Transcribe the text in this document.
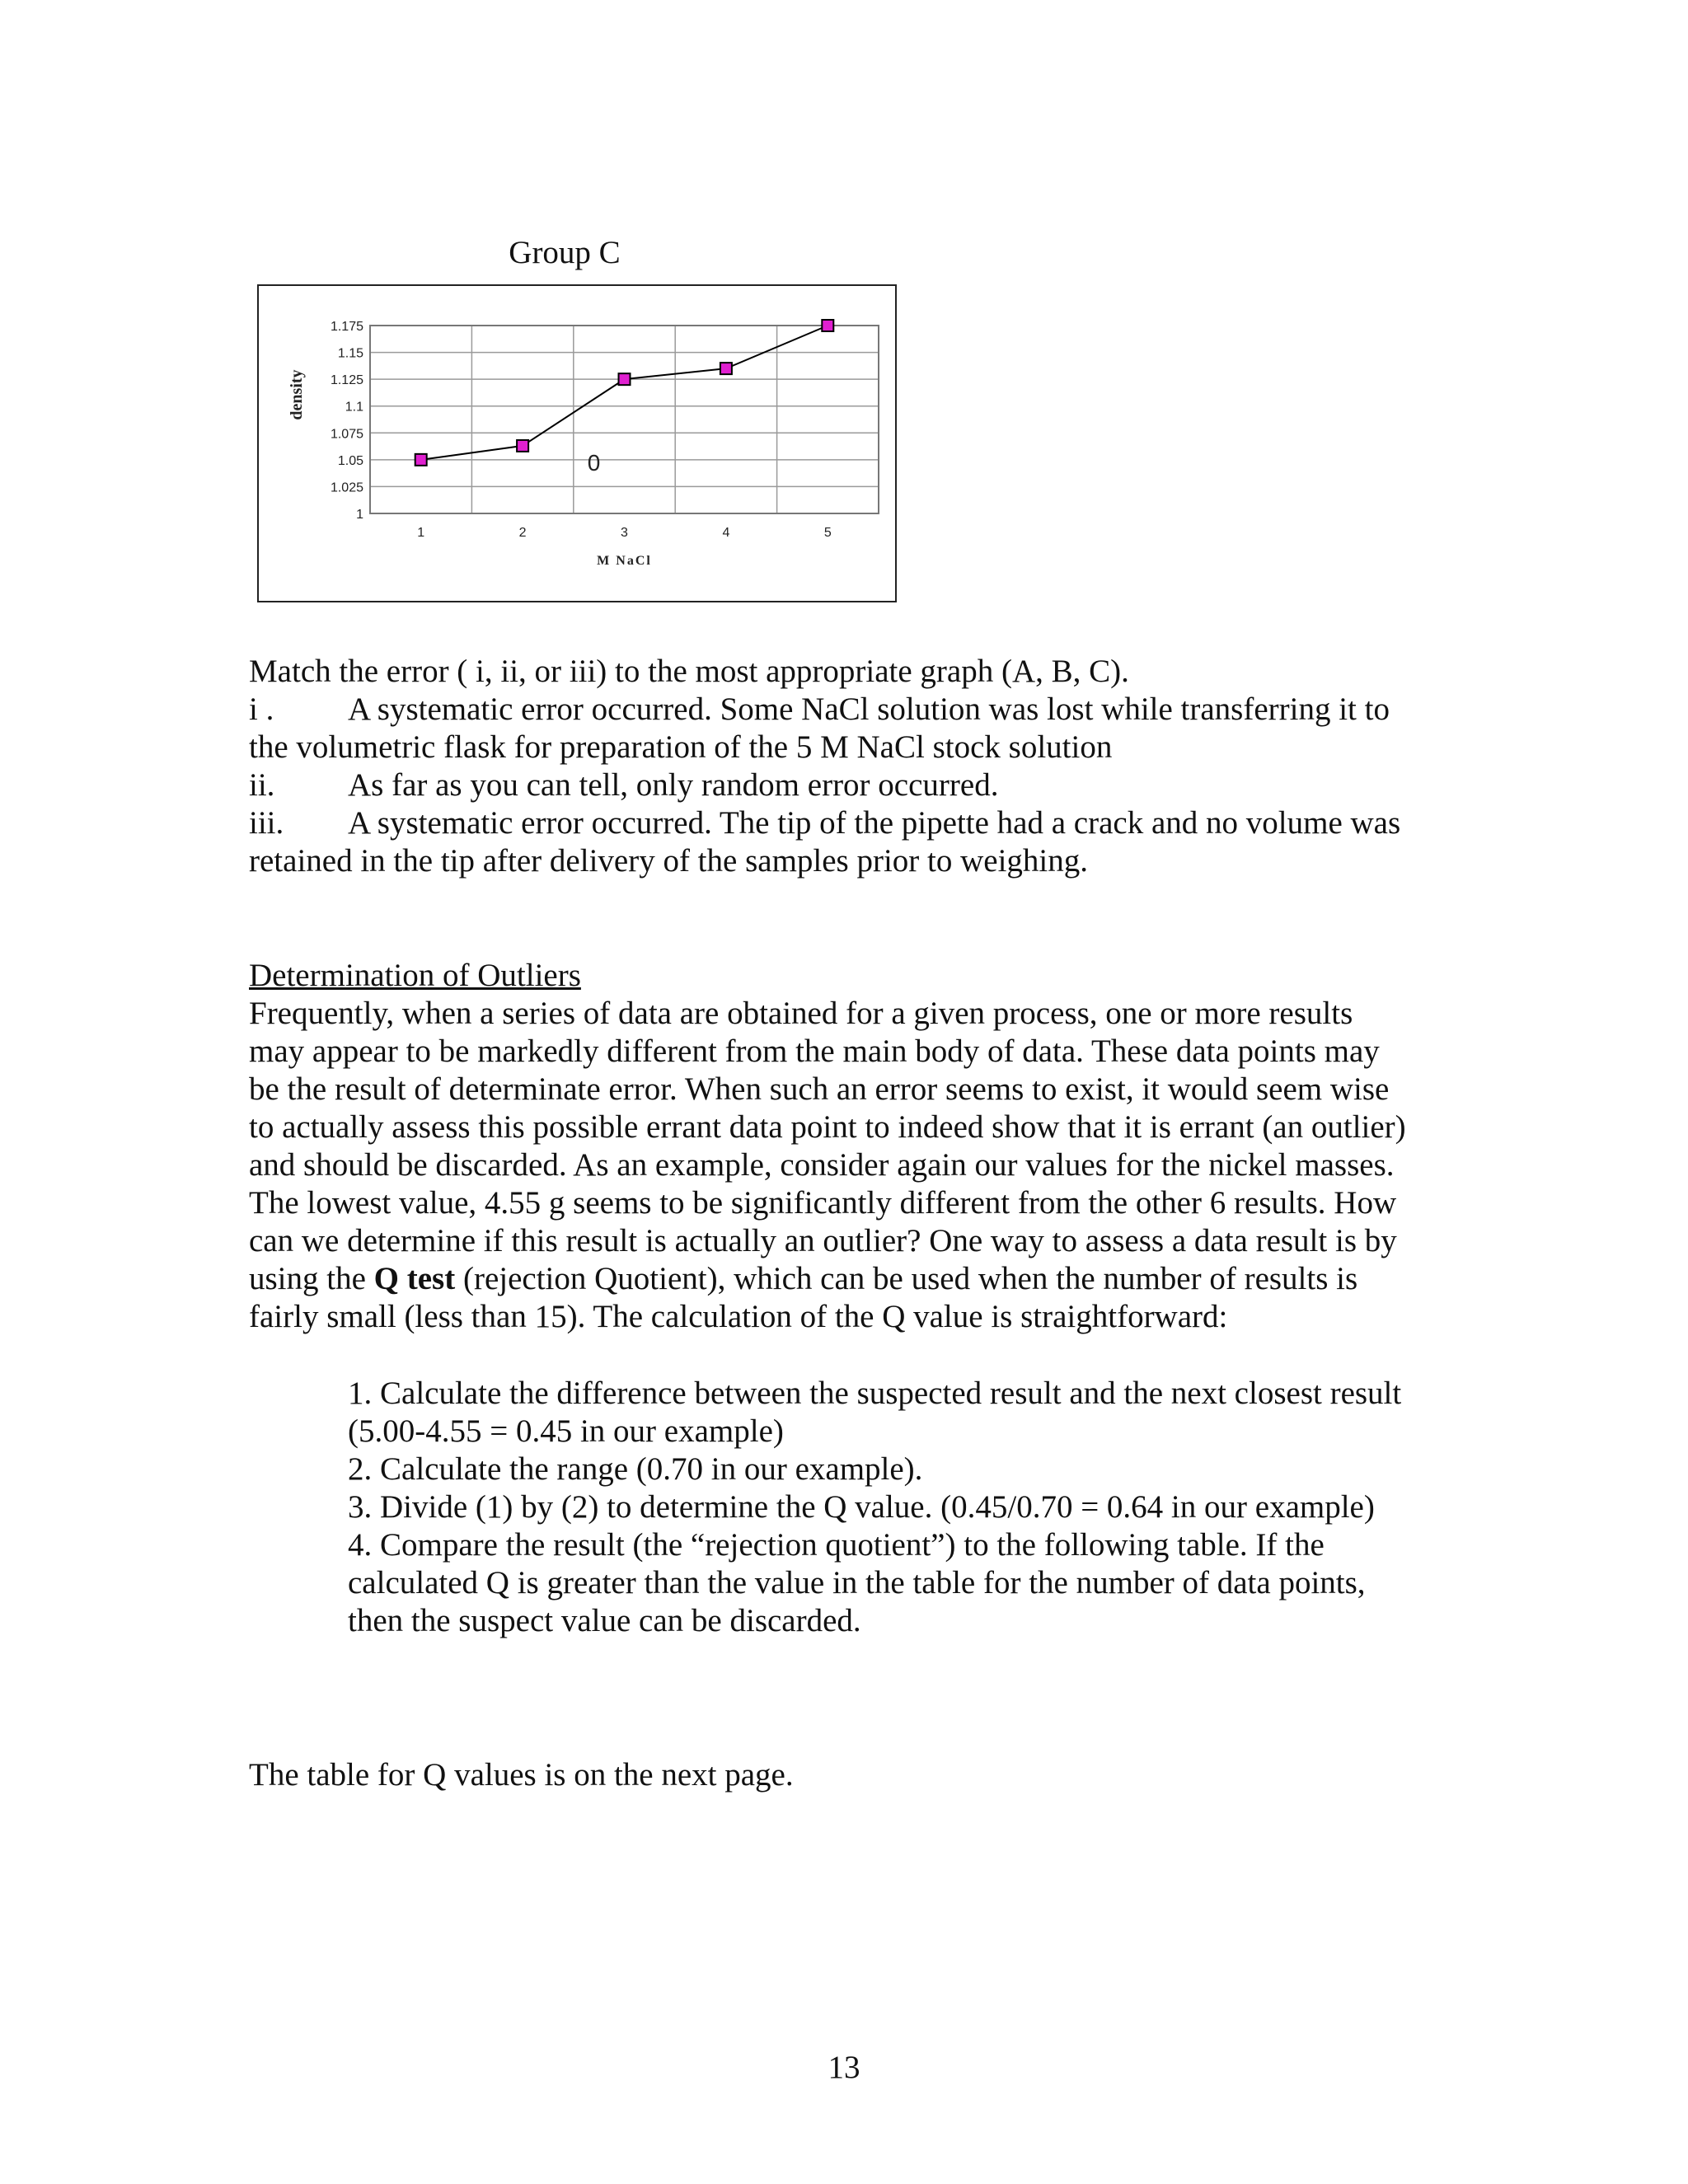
Group C
1.175
1.15
1.125
1.1
1.075
1.05
1.025
1
1	2	3	4	5
M NaCl
density
0
Match the error ( i, ii, or iii) to the most appropriate graph (A, B, C).
i . A systematic error occurred. Some NaCl solution was lost while transferring it to
the volumetric flask for preparation of the 5 M NaCl stock solution
ii. As far as you can tell, only random error occurred.
iii. A systematic error occurred. The tip of the pipette had a crack and no volume was
retained in the tip after delivery of the samples prior to weighing.
Determination of Outliers
Frequently, when a series of data are obtained for a given process, one or more results
may appear to be markedly different from the main body of data. These data points may
be the result of determinate error. When such an error seems to exist, it would seem wise
to actually assess this possible errant data point to indeed show that it is errant (an outlier)
and should be discarded. As an example, consider again our values for the nickel masses.
The lowest value, 4.55 g seems to be significantly different from the other 6 results. How
can we determine if this result is actually an outlier? One way to assess a data result is by
using the Q test (rejection Quotient), which can be used when the number of results is
fairly small (less than 15). The calculation of the Q value is straightforward:
1. Calculate the difference between the suspected result and the next closest result
(5.00-4.55 = 0.45 in our example)
2. Calculate the range (0.70 in our example).
3. Divide (1) by (2) to determine the Q value. (0.45/0.70 = 0.64 in our example)
4. Compare the result (the “rejection quotient”) to the following table. If the
calculated Q is greater than the value in the table for the number of data points,
then the suspect value can be discarded.
The table for Q values is on the next page.
13
